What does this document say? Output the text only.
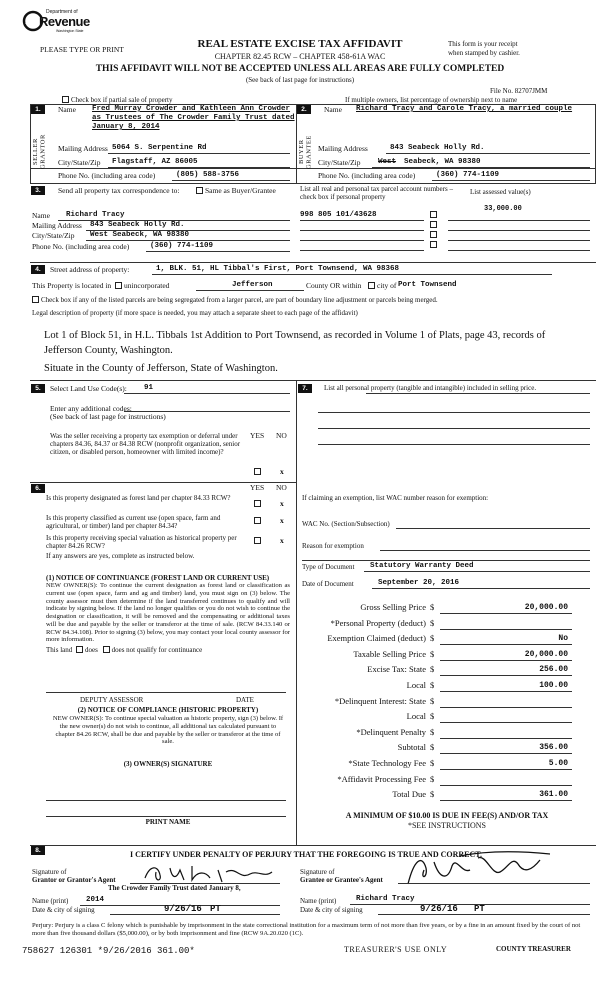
Department of
Revenue
Washington State
PLEASE TYPE OR PRINT	REAL ESTATE EXCISE TAX AFFIDAVIT
CHAPTER 82.45 RCW – CHAPTER 458-61A WAC
This form is your receipt
when stamped by cashier.
THIS AFFIDAVIT WILL NOT BE ACCEPTED UNLESS ALL AREAS ARE FULLY COMPLETED
(See back of last page for instructions)
File No. 82707JMM
Check box if partial sale of property	If multiple owners, list percentage of ownership next to name
1.
SELLER GRANTOR
Name Fred Murray Crowder and Kathleen Ann Crowder
as Trustees of The Crowder Family Trust dated
January 8, 2014
Mailing Address 5064 S. Serpentine Rd
City/State/Zip Flagstaff, AZ 86005
Phone No. (including area code)	(805) 588-3756
2.
BUYER GRANTEE
Name Richard Tracy and Carole Tracy, a married couple
Mailing Address	843 Seabeck Holly Rd.
City/State/Zip West Seabeck, WA 98380
Phone No. (including area code)	(360) 774-1109
3.	Send all property tax correspondence to:	Same as Buyer/Grantee	List all real and personal tax parcel account numbers – check box if personal property
List assessed value(s)
Name Richard Tracy
Mailing Address 843 Seabeck Holly Rd.
City/State/Zip West Seabeck, WA 98380
Phone No. (including area code)	(360) 774-1109
998 805 101/43628
33,000.00
4.	Street address of property:	1, BLK. 51, HL Tibbal's First, Port Townsend, WA 98368
This Property is located in unincorporated	Jefferson	County OR within	city of Port Townsend
Check box if any of the listed parcels are being segregated from a larger parcel, are part of boundary line adjustment or parcels being merged.
Legal description of property (if more space is needed, you may attach a separate sheet to each page of the affidavit)
Lot 1 of Block 51, in H.L. Tibbals 1st Addition to Port Townsend, as recorded in Volume 1 of Plats, page 43, records of Jefferson County, Washington.
Situate in the County of Jefferson, State of Washington.
5.	Select Land Use Code(s): 91
Enter any additional codes:
(See back of last page for instructions)
YES NO
Was the seller receiving a property tax exemption or deferral under chapters 84.36, 84.37 or 84.38 RCW (nonprofit organization, senior citizen, or disabled person, homeowner with limited income)?
x
6.	YES NO
Is this property designated as forest land per chapter 84.33 RCW?
x
Is this property classified as current use (open space, farm and agricultural, or timber) land per chapter 84.34?
x
Is this property receiving special valuation as historical property per chapter 84.26 RCW?
x
If any answers are yes, complete as instructed below.
(1) NOTICE OF CONTINUANCE (FOREST LAND OR CURRENT USE)
NEW OWNER(S): To continue the current designation as forest land or classification as current use (open space, farm and ag and timber) land, you must sign on (3) below. The county assessor must then determine if the land transferred continues to qualify and will indicate by signing below. If the land no longer qualifies or you do not wish to continue the designation or classification, it will be removed and the compensating or additional taxes will be due and payable by the seller or transferor at the time of sale. (RCW 84.33.140 or RCW 84.34.108). Prior to signing (3) below, you may contact your local county assessor for more information.
This land does does not qualify for continuance
DEPUTY ASSESSOR	DATE
(2) NOTICE OF COMPLIANCE (HISTORIC PROPERTY)
NEW OWNER(S): To continue special valuation as historic property, sign (3) below. If the new owner(s) do not wish to continue, all additional tax calculated pursuant to chapter 84.26 RCW, shall be due and payable by the seller or transferor at the time of sale.
(3) OWNER(S) SIGNATURE
PRINT NAME
7.	List all personal property (tangible and intangible) included in selling price.
If claiming an exemption, list WAC number reason for exemption:
WAC No. (Section/Subsection)
Reason for exemption
Type of Document Statutory Warranty Deed
Date of Document	September 20, 2016
Gross Selling Price $	20,000.00
*Personal Property (deduct) $
Exemption Claimed (deduct) $	No
Taxable Selling Price $	20,000.00
Excise Tax: State $	256.00
Local $	100.00
*Delinquent Interest: State $
Local $
*Delinquent Penalty $
Subtotal $	356.00
*State Technology Fee $	5.00
*Affidavit Processing Fee $
Total Due $	361.00
A MINIMUM OF $10.00 IS DUE IN FEE(S) AND/OR TAX
*SEE INSTRUCTIONS
8.	I CERTIFY UNDER PENALTY OF PERJURY THAT THE FOREGOING IS TRUE AND CORRECT.
Signature of
Grantor or Grantor's Agent
The Crowder Family Trust dated January 8,
Name (print) 2014
Date & city of signing	9/26/16 PT
Signature of
Grantee or Grantee's Agent
Name (print)	Richard Tracy
Date & city of signing	9/26/16 PT
Perjury: Perjury is a class C felony which is punishable by imprisonment in the state correctional institution for a maximum term of not more than five years, or by a fine in an amount fixed by the court of not more than five thousand dollars ($5,000.00), or by both imprisonment and fine (RCW 9A.20.020 (1C).
758627 126301 *9/26/2016 361.00*	TREASURER'S USE ONLY	COUNTY TREASURER
